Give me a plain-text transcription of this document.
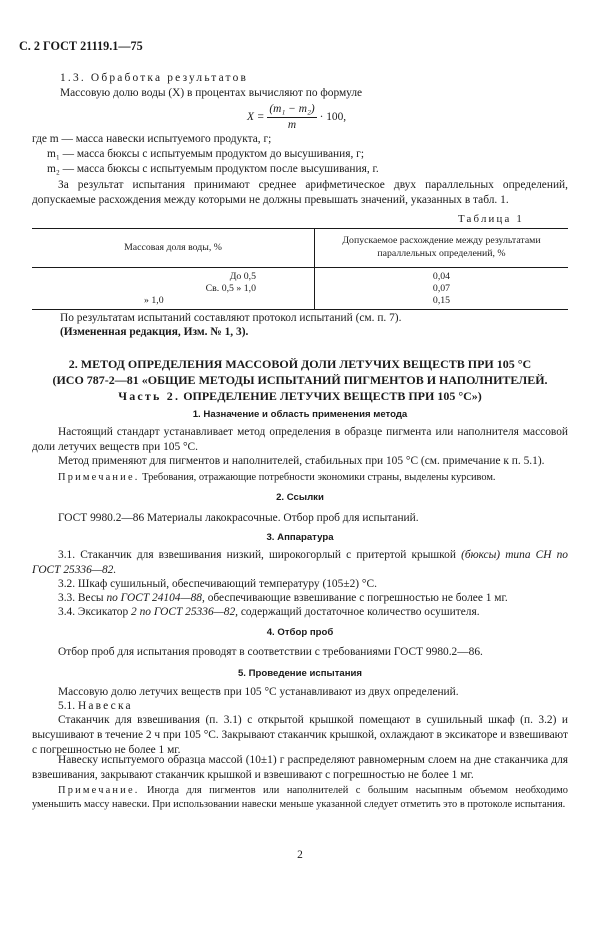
С. 2 ГОСТ 21119.1—75
1.3. Обработка результатов
Массовую долю воды (X) в процентах вычисляют по формуле
$X = \frac{\text{(m₁ − m₂)}}{m} \cdot 100$,
где m — масса навески испытуемого продукта, г;
m₁ — масса бюксы с испытуемым продуктом до высушивания, г;
m₂ — масса бюксы с испытуемым продуктом после высушивания, г.

За результат испытания принимают среднее арифметическое двух параллельных определений, допускаемые расхождения между которыми не должны превышать значений, указанных в табл. 1.

Таблица 1
Массовая доля воды, %	Допускаемое расхождение между результатами параллельных определений, %
До 0,5	0,04
Св. 0,5 » 1,0	0,07
» 1,0	0,15
По результатам испытаний составляют протокол испытаний (см. п. 7).
(Измененная редакция, Изм. № 1, 3).
2. МЕТОД ОПРЕДЕЛЕНИЯ МАССОВОЙ ДОЛИ ЛЕТУЧИХ ВЕЩЕСТВ ПРИ 105 °С
(ИСО 787-2—81 «ОБЩИЕ МЕТОДЫ ИСПЫТАНИЙ ПИГМЕНТОВ И НАПОЛНИТЕЛЕЙ.
Часть 2. ОПРЕДЕЛЕНИЕ ЛЕТУЧИХ ВЕЩЕСТВ ПРИ 105 °С»)
1. Назначение и область применения метода

Настоящий стандарт устанавливает метод определения в образце пигмента или наполнителя массовой доли летучих веществ при 105 °С.

Метод применяют для пигментов и наполнителей, стабильных при 105 °С (см. примечание к п. 5.1).

Примечание. Требования, отражающие потребности экономики страны, выделены курсивом.

2. Ссылки

ГОСТ 9980.2—86 Материалы лакокрасочные. Отбор проб для испытаний.

3. Аппаратура

3.1. Стаканчик для взвешивания низкий, широкогорлый с притертой крышкой (бюксы) типа СН по ГОСТ 25336—82.

3.2. Шкаф сушильный, обеспечивающий температуру (105±2) °С.

3.3. Весы по ГОСТ 24104—88, обеспечивающие взвешивание с погрешностью не более 1 мг.

3.4. Эксикатор 2 по ГОСТ 25336—82, содержащий достаточное количество осушителя.

4. Отбор проб

Отбор проб для испытания проводят в соответствии с требованиями ГОСТ 9980.2—86.

5. Проведение испытания

Массовую долю летучих веществ при 105 °С устанавливают из двух определений.

5.1. Навеска

Стаканчик для взвешивания (п. 3.1) с открытой крышкой помещают в сушильный шкаф (п. 3.2) и высушивают в течение 2 ч при 105 °С. Закрывают стаканчик крышкой, охлаждают в эксикаторе и взвешивают с погрешностью не более 1 мг.

Навеску испытуемого образца массой (10±1) г распределяют равномерным слоем на дне стаканчика для взвешивания, закрывают стаканчик крышкой и взвешивают с погрешностью не более 1 мг.

Примечание. Иногда для пигментов или наполнителей с большим насыпным объемом необходимо уменьшить массу навески. При использовании навески меньше указанной следует отметить это в протоколе испытания.

2
